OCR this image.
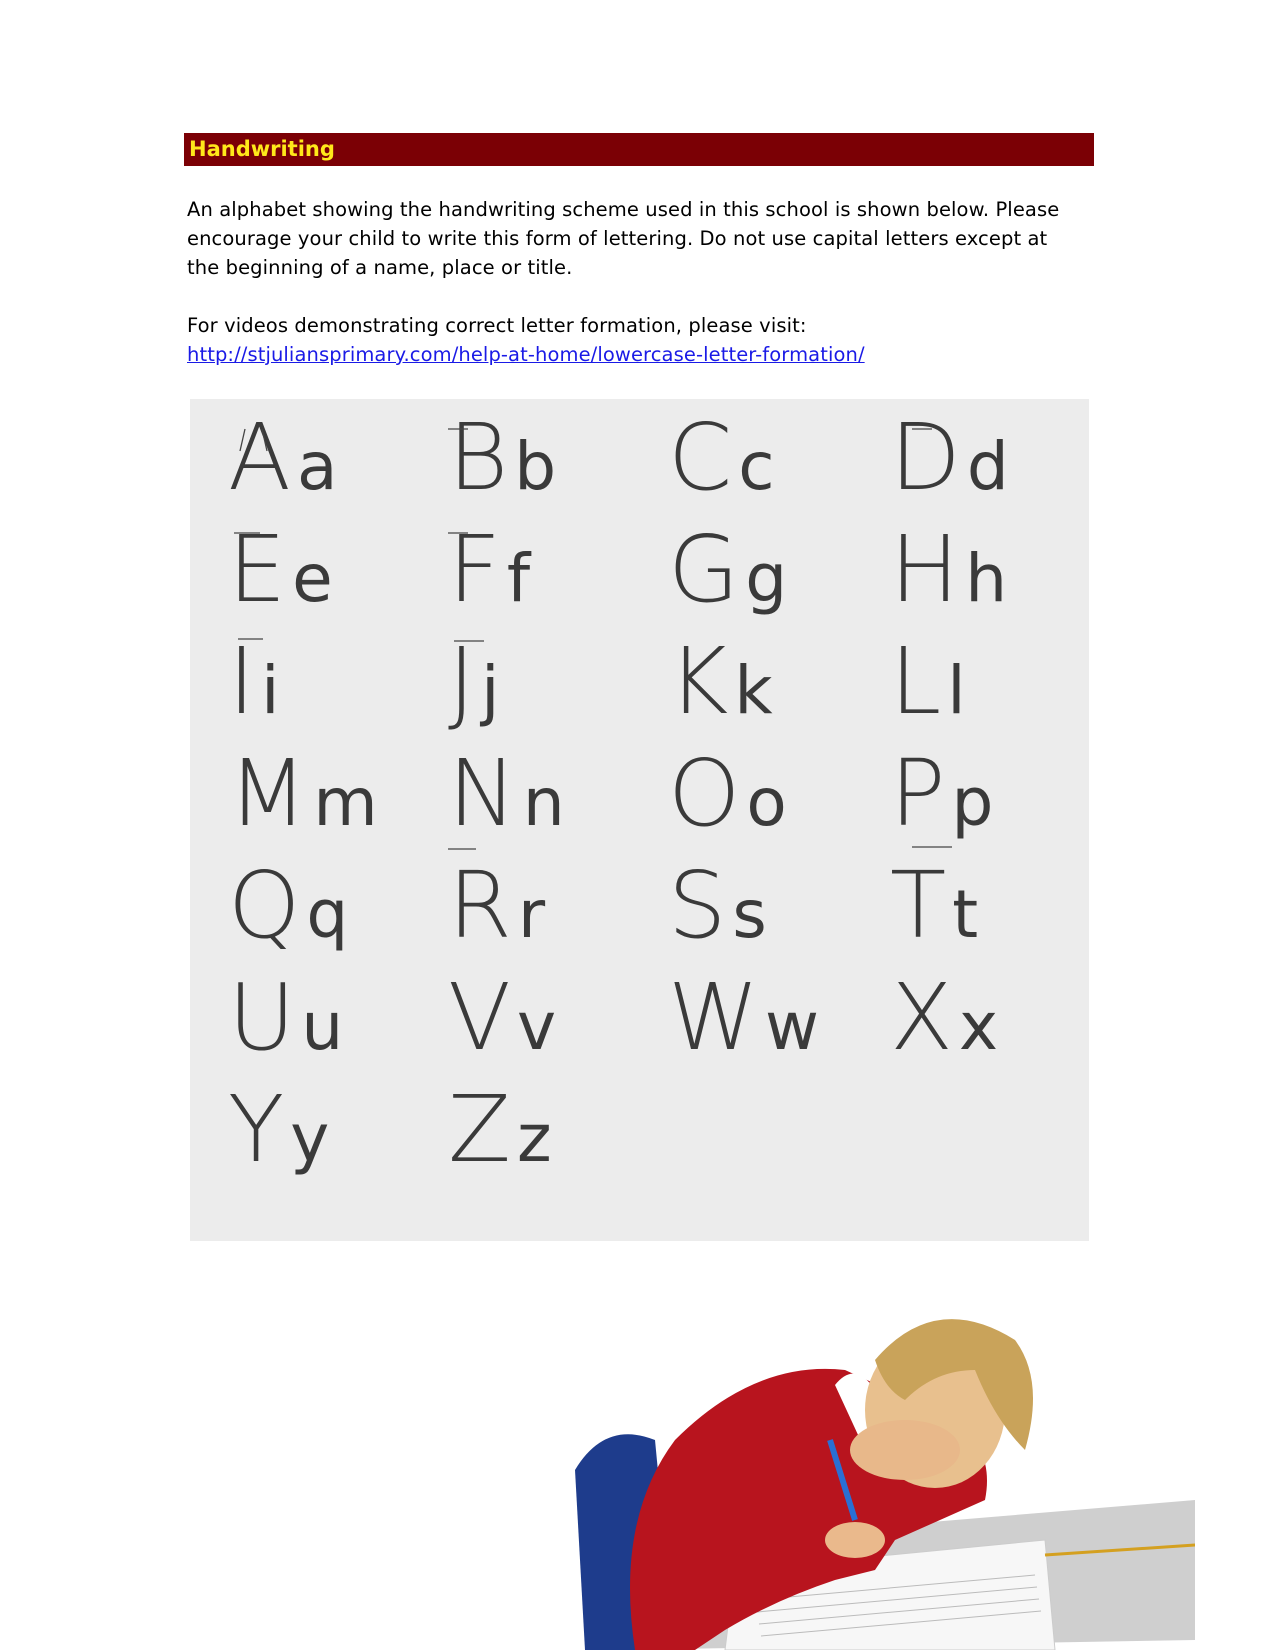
Handwriting

An alphabet showing the handwriting scheme used in this school is shown below. Please encourage your child to write this form of lettering. Do not use capital letters except at the beginning of a name, place or title.

For videos demonstrating correct letter formation, please visit:
http://stjuliansprimary.com/help-at-home/lowercase-letter-formation/

Aa Bb Cc Dd
Ee Ff Gg Hh
Ii Jj Kk Ll
Mm Nn Oo Pp
Qq Rr Ss Tt
Uu Vv Ww Xx
Yy Zz
